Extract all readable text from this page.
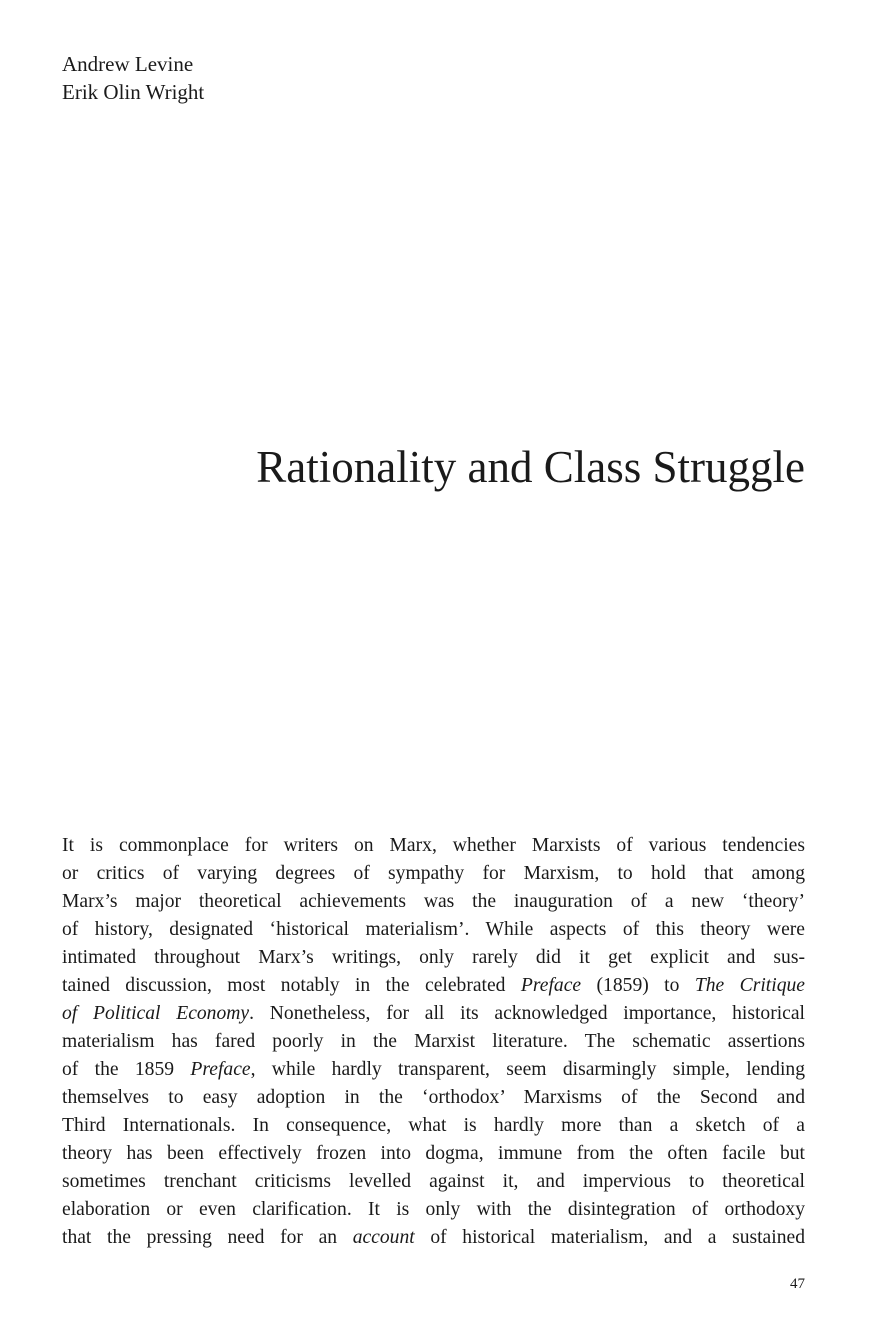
Andrew Levine
Erik Olin Wright
Rationality and Class Struggle
It is commonplace for writers on Marx, whether Marxists of various tendencies
or critics of varying degrees of sympathy for Marxism, to hold that among
Marx’s major theoretical achievements was the inauguration of a new ‘theory’
of history, designated ‘historical materialism’. While aspects of this theory were
intimated throughout Marx’s writings, only rarely did it get explicit and sus-
tained discussion, most notably in the celebrated Preface (1859) to The Critique
of Political Economy. Nonetheless, for all its acknowledged importance, historical
materialism has fared poorly in the Marxist literature. The schematic assertions
of the 1859 Preface, while hardly transparent, seem disarmingly simple, lending
themselves to easy adoption in the ‘orthodox’ Marxisms of the Second and
Third Internationals. In consequence, what is hardly more than a sketch of a
theory has been effectively frozen into dogma, immune from the often facile but
sometimes trenchant criticisms levelled against it, and impervious to theoretical
elaboration or even clarification. It is only with the disintegration of orthodoxy
that the pressing need for an account of historical materialism, and a sustained
47
